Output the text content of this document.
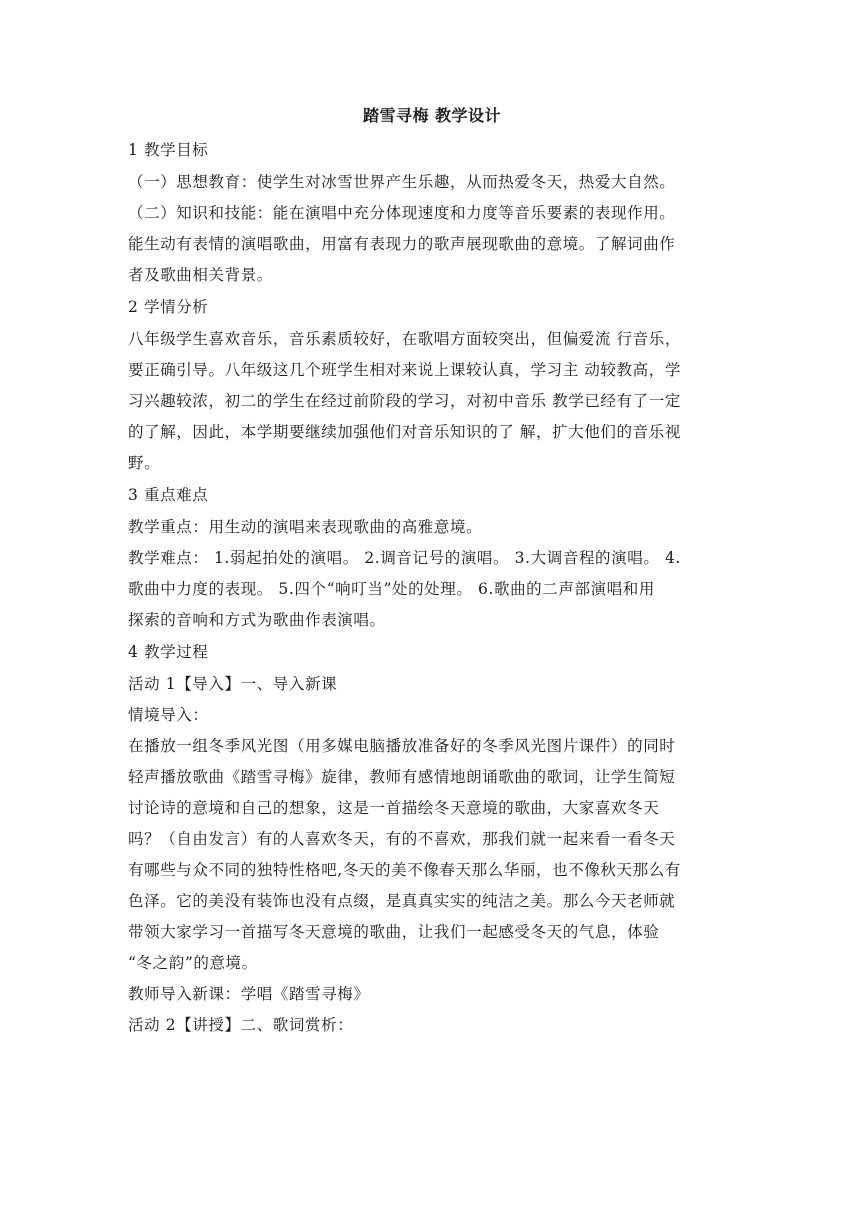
踏雪寻梅 教学设计
1 教学目标
（一）思想教育：使学生对冰雪世界产生乐趣，从而热爱冬天，热爱大自然。
（二）知识和技能：能在演唱中充分体现速度和力度等音乐要素的表现作用。
能生动有表情的演唱歌曲，用富有表现力的歌声展现歌曲的意境。了解词曲作
者及歌曲相关背景。
2 学情分析
八年级学生喜欢音乐，音乐素质较好，在歌唱方面较突出，但偏爱流 行音乐，
要正确引导。八年级这几个班学生相对来说上课较认真，学习主 动较教高，学
习兴趣较浓，初二的学生在经过前阶段的学习，对初中音乐 教学已经有了一定
的了解，因此，本学期要继续加强他们对音乐知识的了 解，扩大他们的音乐视
野。
3 重点难点
教学重点：用生动的演唱来表现歌曲的高雅意境。
教学难点： 1.弱起拍处的演唱。 2.调音记号的演唱。 3.大调音程的演唱。 4.
歌曲中力度的表现。 5.四个“响叮当”处的处理。 6.歌曲的二声部演唱和用
探索的音响和方式为歌曲作表演唱。
4 教学过程
活动 1【导入】一、导入新课
情境导入：
在播放一组冬季风光图（用多媒电脑播放准备好的冬季风光图片课件）的同时
轻声播放歌曲《踏雪寻梅》旋律，教师有感情地朗诵歌曲的歌词，让学生简短
讨论诗的意境和自己的想象，这是一首描绘冬天意境的歌曲，大家喜欢冬天
吗？（自由发言）有的人喜欢冬天，有的不喜欢，那我们就一起来看一看冬天
有哪些与众不同的独特性格吧,冬天的美不像春天那么华丽，也不像秋天那么有
色泽。它的美没有装饰也没有点缀，是真真实实的纯洁之美。那么今天老师就
带领大家学习一首描写冬天意境的歌曲，让我们一起感受冬天的气息，体验
“冬之韵”的意境。
教师导入新课：学唱《踏雪寻梅》
活动 2【讲授】二、歌词赏析：
